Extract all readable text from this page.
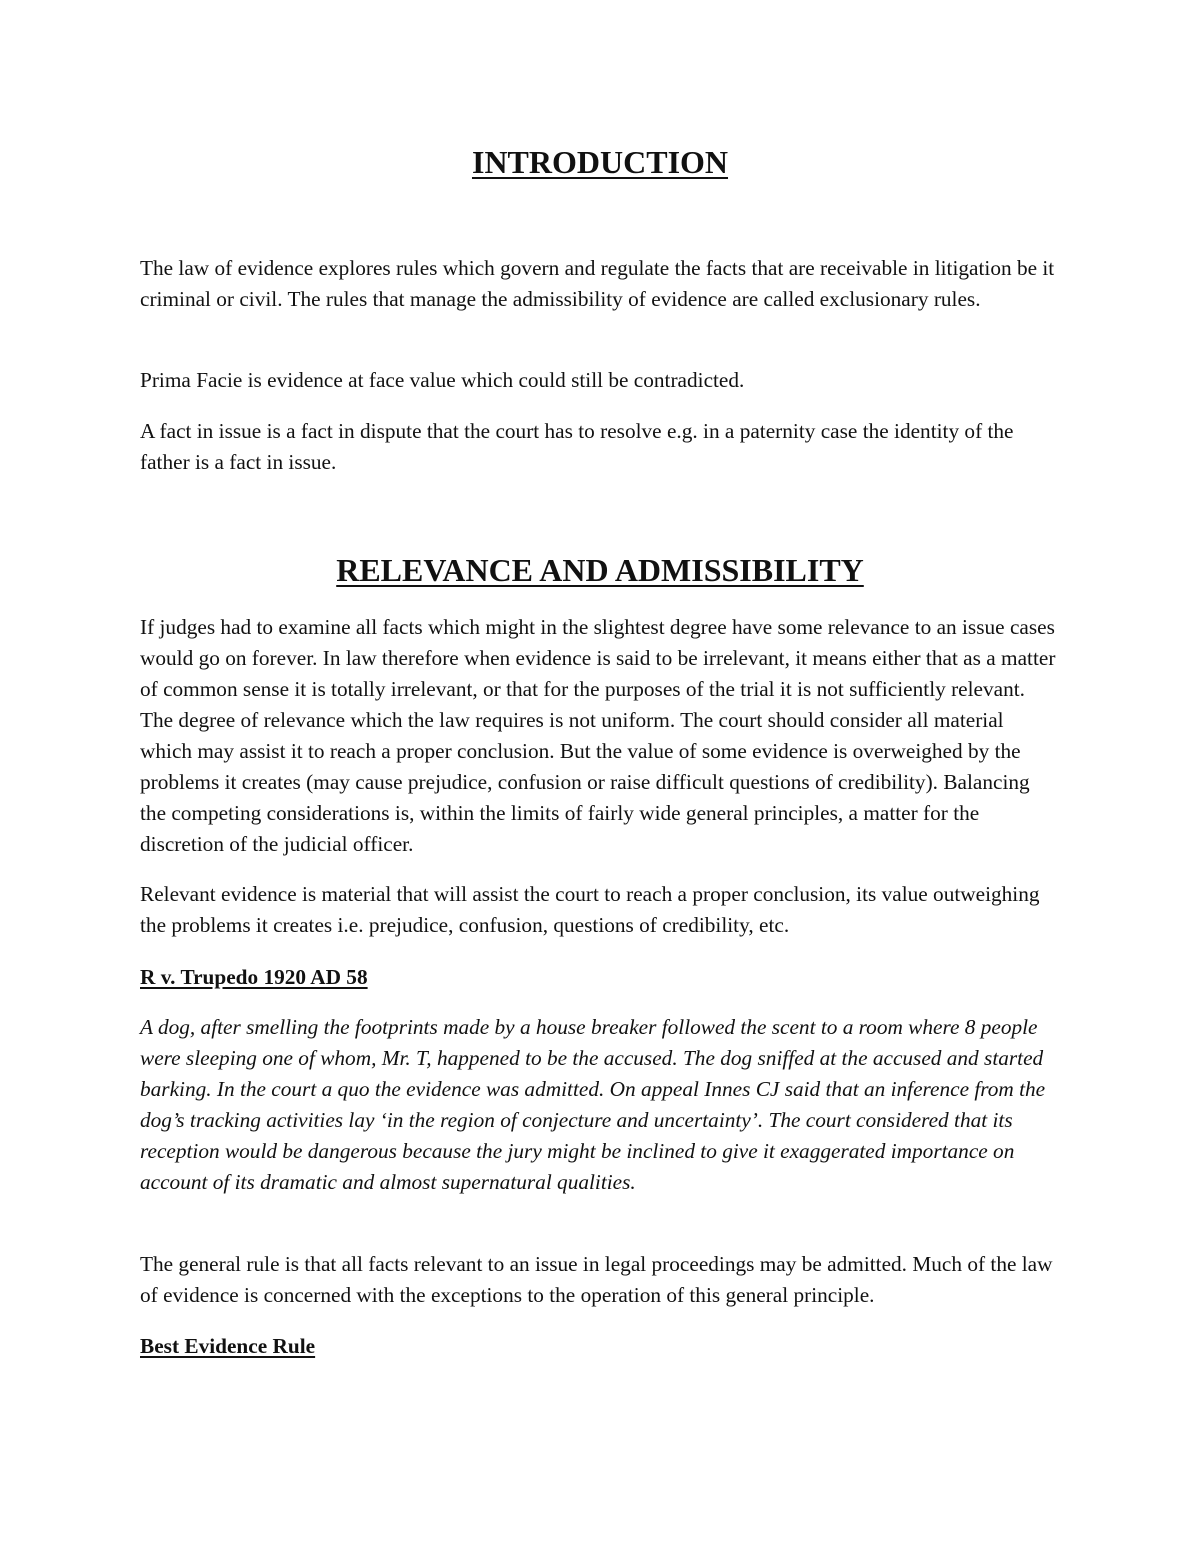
INTRODUCTION

The law of evidence explores rules which govern and regulate the facts that are receivable in litigation be it criminal or civil. The rules that manage the admissibility of evidence are called exclusionary rules.

Prima Facie is evidence at face value which could still be contradicted.

A fact in issue is a fact in dispute that the court has to resolve e.g. in a paternity case the identity of the father is a fact in issue.

RELEVANCE AND ADMISSIBILITY

If judges had to examine all facts which might in the slightest degree have some relevance to an issue cases would go on forever. In law therefore when evidence is said to be irrelevant, it means either that as a matter of common sense it is totally irrelevant, or that for the purposes of the trial it is not sufficiently relevant. The degree of relevance which the law requires is not uniform. The court should consider all material which may assist it to reach a proper conclusion. But the value of some evidence is overweighed by the problems it creates (may cause prejudice, confusion or raise difficult questions of credibility). Balancing the competing considerations is, within the limits of fairly wide general principles, a matter for the discretion of the judicial officer.

Relevant evidence is material that will assist the court to reach a proper conclusion, its value outweighing the problems it creates i.e. prejudice, confusion, questions of credibility, etc.

R v. Trupedo 1920 AD 58

A dog, after smelling the footprints made by a house breaker followed the scent to a room where 8 people were sleeping one of whom, Mr. T, happened to be the accused. The dog sniffed at the accused and started barking. In the court a quo the evidence was admitted. On appeal Innes CJ said that an inference from the dog’s tracking activities lay ‘in the region of conjecture and uncertainty’. The court considered that its reception would be dangerous because the jury might be inclined to give it exaggerated importance on account of its dramatic and almost supernatural qualities.

The general rule is that all facts relevant to an issue in legal proceedings may be admitted. Much of the law of evidence is concerned with the exceptions to the operation of this general principle.

Best Evidence Rule
